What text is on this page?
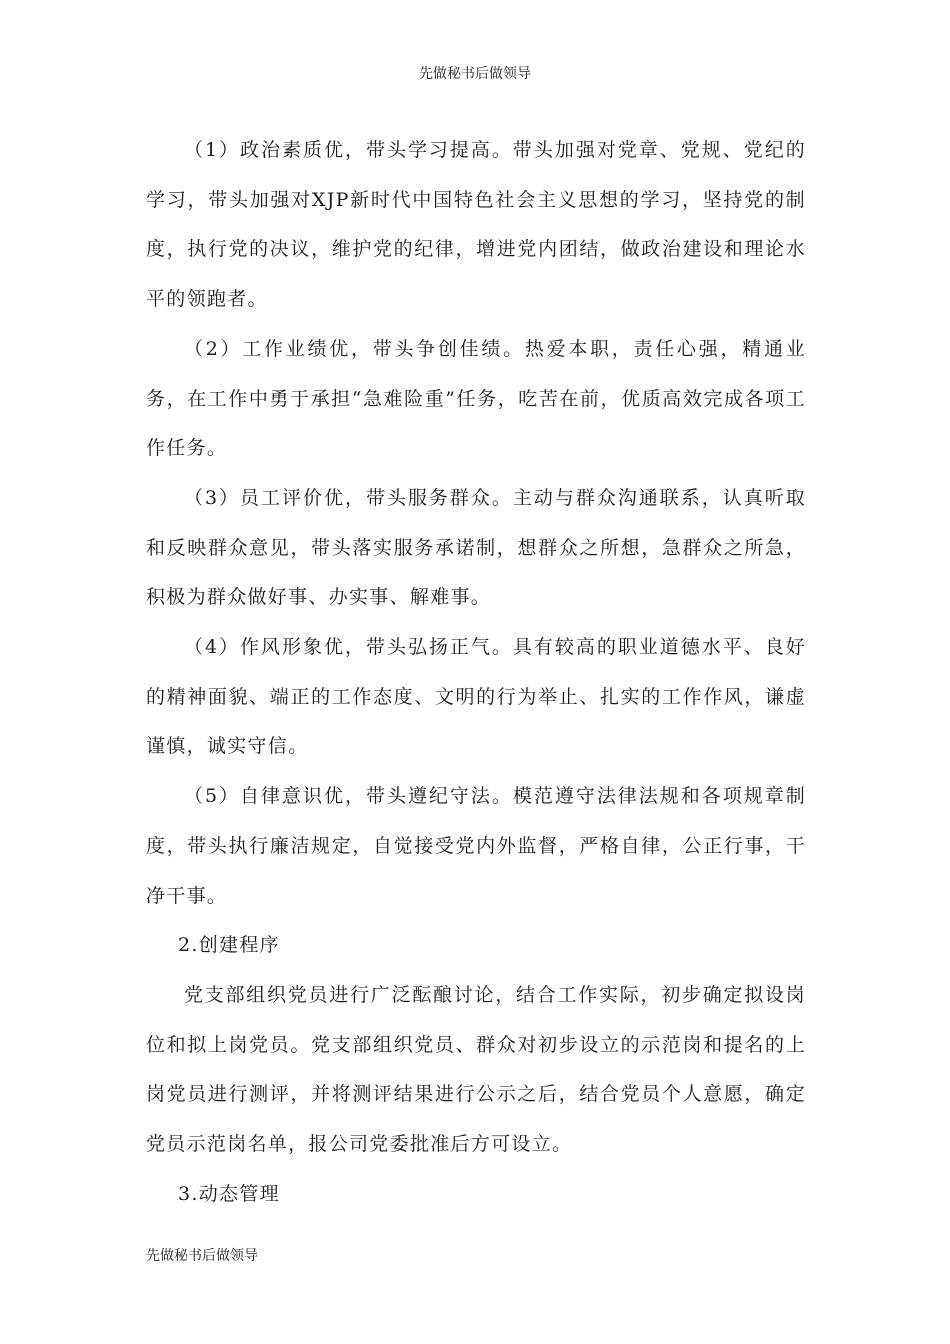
先做秘书后做领导

（1）政治素质优，带头学习提高。带头加强对党章、党规、党纪的学习，带头加强对XJP新时代中国特色社会主义思想的学习，坚持党的制度，执行党的决议，维护党的纪律，增进党内团结，做政治建设和理论水平的领跑者。

（2）工作业绩优，带头争创佳绩。热爱本职，责任心强，精通业务，在工作中勇于承担“急难险重”任务，吃苦在前，优质高效完成各项工作任务。

（3）员工评价优，带头服务群众。主动与群众沟通联系，认真听取和反映群众意见，带头落实服务承诺制，想群众之所想，急群众之所急，积极为群众做好事、办实事、解难事。

（4）作风形象优，带头弘扬正气。具有较高的职业道德水平、良好的精神面貌、端正的工作态度、文明的行为举止、扎实的工作作风，谦虚谨慎，诚实守信。

（5）自律意识优，带头遵纪守法。模范遵守法律法规和各项规章制度，带头执行廉洁规定，自觉接受党内外监督，严格自律，公正行事，干净干事。

2.创建程序

党支部组织党员进行广泛酝酿讨论，结合工作实际，初步确定拟设岗位和拟上岗党员。党支部组织党员、群众对初步设立的示范岗和提名的上岗党员进行测评，并将测评结果进行公示之后，结合党员个人意愿，确定党员示范岗名单，报公司党委批准后方可设立。

3.动态管理

先做秘书后做领导
